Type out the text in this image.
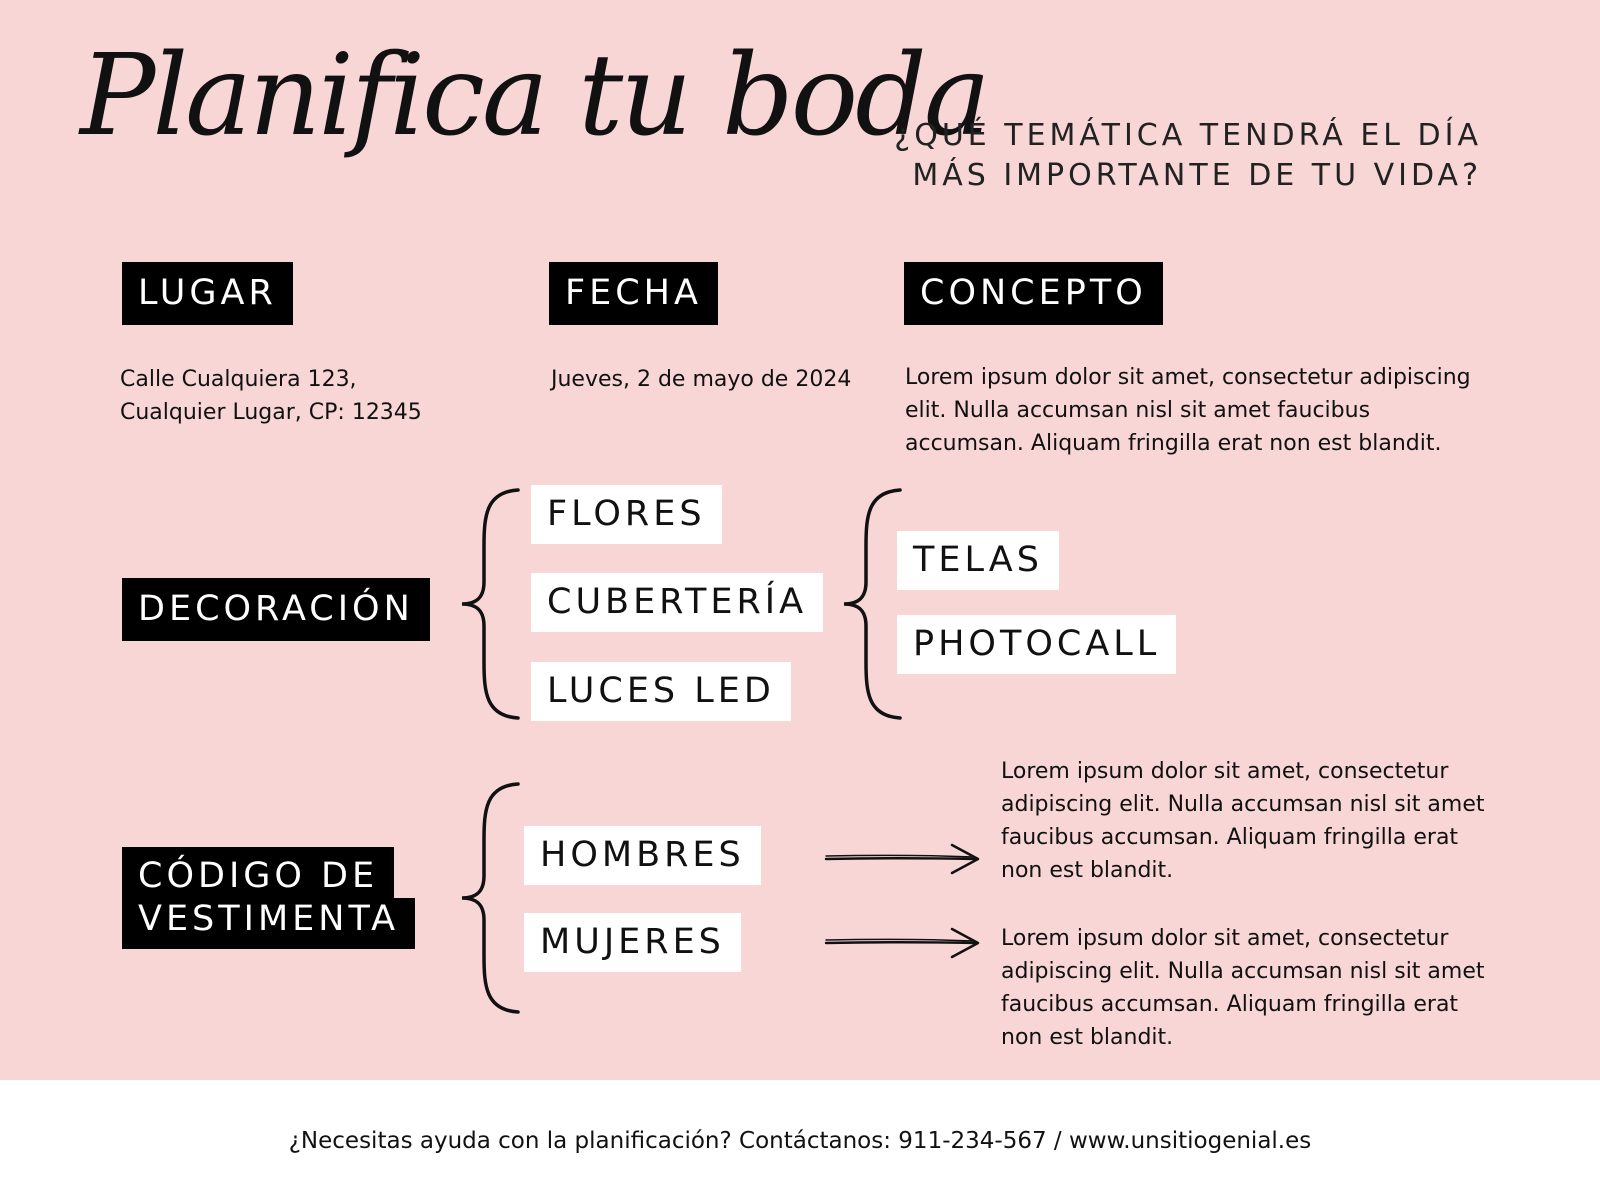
Planifica tu boda
¿QUÉ TEMÁTICA TENDRÁ EL DÍA
MÁS IMPORTANTE DE TU VIDA?
LUGAR
Calle Cualquiera 123,
Cualquier Lugar, CP: 12345
FECHA
Jueves, 2 de mayo de 2024
CONCEPTO
Lorem ipsum dolor sit amet, consectetur adipiscing
elit. Nulla accumsan nisl sit amet faucibus
accumsan. Aliquam fringilla erat non est blandit.
DECORACIÓN
FLORES
CUBERTERÍA
LUCES LED
TELAS
PHOTOCALL
CÓDIGO DE
VESTIMENTA
HOMBRES
MUJERES
Lorem ipsum dolor sit amet, consectetur
adipiscing elit. Nulla accumsan nisl sit amet
faucibus accumsan. Aliquam fringilla erat
non est blandit.
Lorem ipsum dolor sit amet, consectetur
adipiscing elit. Nulla accumsan nisl sit amet
faucibus accumsan. Aliquam fringilla erat
non est blandit.
¿Necesitas ayuda con la planificación? Contáctanos: 911-234-567 / www.unsitiogenial.es
